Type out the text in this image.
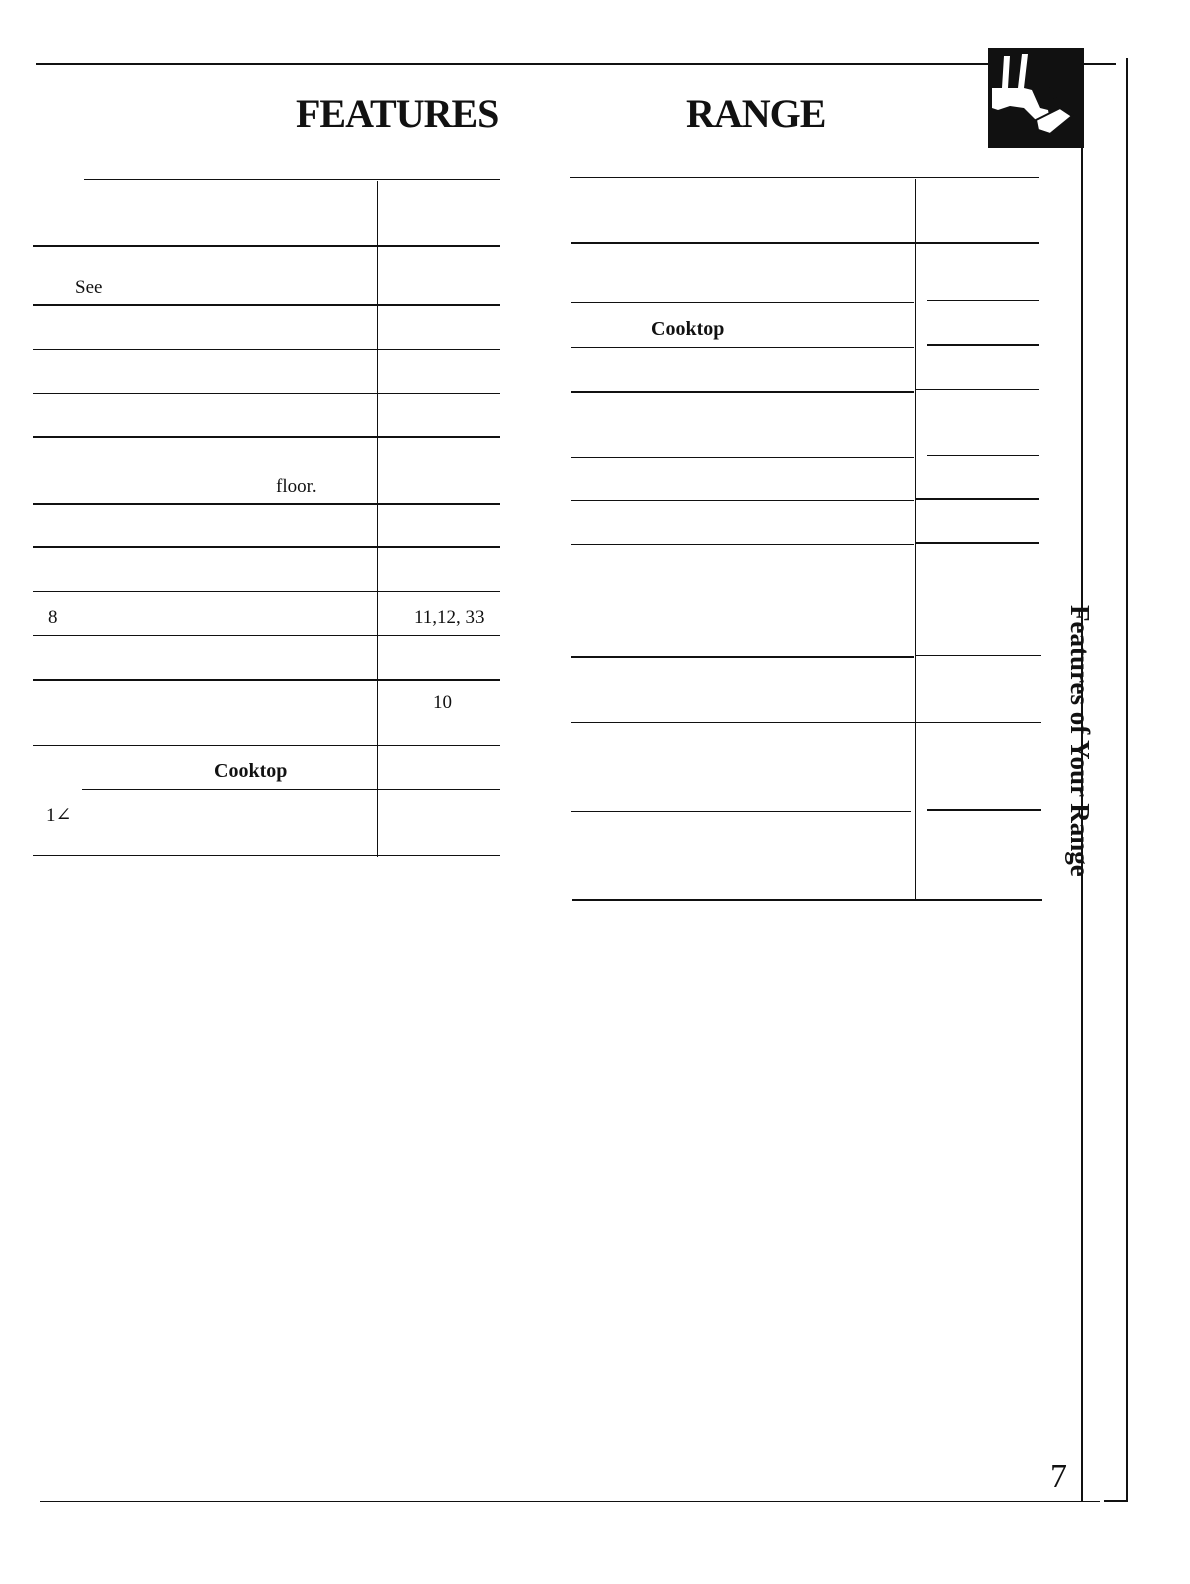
FEATURES	RANGE
Features of Your Range
See
floor.
8	11,12, 33
10
Cooktop
1∠
Cooktop
7
